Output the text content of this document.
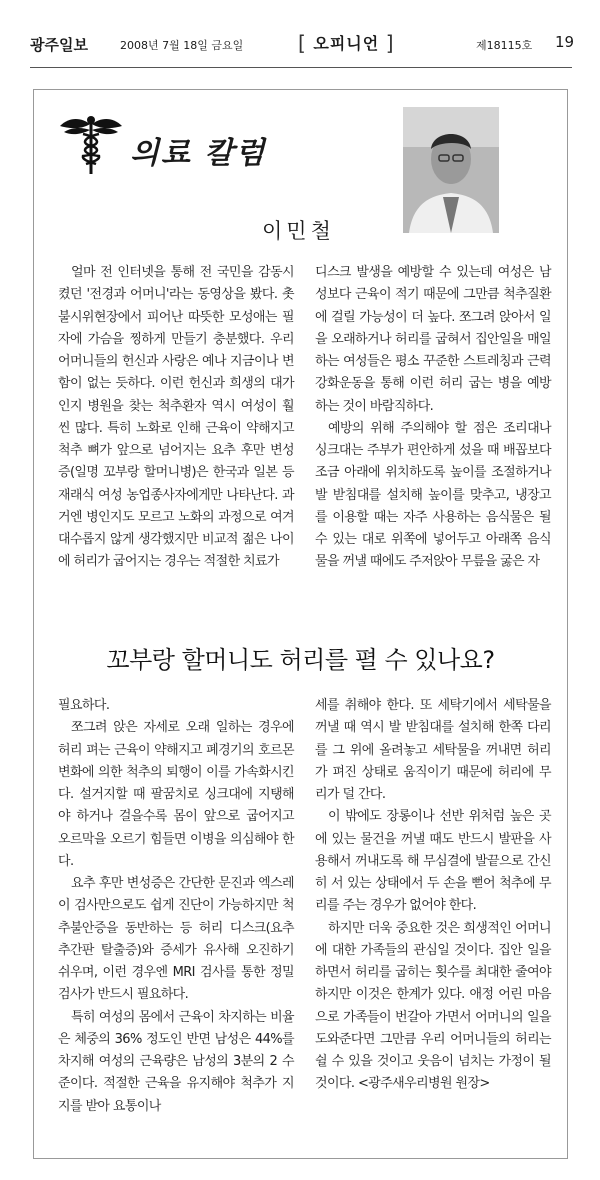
광주일보	2008년 7월 18일 금요일	[ 오피니언 ]	제18115호 19
의료 칼럼
이민철

얼마 전 인터넷을 통해 전 국민을 감동시켰던 '전경과 어머니'라는 동영상을 봤다. 촛불시위현장에서 피어난 따뜻한 모성애는 필자에 가슴을 찡하게 만들기 충분했다. 우리 어머니들의 헌신과 사랑은 예나 지금이나 변함이 없는 듯하다. 이런 헌신과 희생의 대가인지 병원을 찾는 척추환자 역시 여성이 훨씬 많다. 특히 노화로 인해 근육이 약해지고 척추 뼈가 앞으로 넘어지는 요추 후만 변성증(일명 꼬부랑 할머니병)은 한국과 일본 등 재래식 여성 농업종사자에게만 나타난다. 과거엔 병인지도 모르고 노화의 과정으로 여겨 대수롭지 않게 생각했지만 비교적 젊은 나이에 허리가 굽어지는 경우는 적절한 치료가

디스크 발생을 예방할 수 있는데 여성은 남성보다 근육이 적기 때문에 그만큼 척추질환에 걸릴 가능성이 더 높다. 쪼그려 앉아서 일을 오래하거나 허리를 굽혀서 집안일을 매일하는 여성들은 평소 꾸준한 스트레칭과 근력강화운동을 통해 이런 허리 굽는 병을 예방하는 것이 바람직하다.

예방의 위해 주의해야 할 점은 조리대나 싱크대는 주부가 편안하게 섰을 때 배꼽보다 조금 아래에 위치하도록 높이를 조절하거나 발 받침대를 설치해 높이를 맞추고, 냉장고를 이용할 때는 자주 사용하는 음식물은 될 수 있는 대로 위쪽에 넣어두고 아래쪽 음식물을 꺼낼 때에도 주저앉아 무릎을 굻은 자

꼬부랑 할머니도 허리를 펼 수 있나요?

필요하다.

쪼그려 앉은 자세로 오래 일하는 경우에 허리 펴는 근육이 약해지고 폐경기의 호르몬 변화에 의한 척추의 퇴행이 이를 가속화시킨다. 설거지할 때 팔꿈치로 싱크대에 지탱해야 하거나 걸을수록 몸이 앞으로 굽어지고 오르막을 오르기 힘들면 이병을 의심해야 한다.

요추 후만 변성증은 간단한 문진과 엑스레이 검사만으로도 쉽게 진단이 가능하지만 척추불안증을 동반하는 등 허리 디스크(요추 추간판 탈출증)와 증세가 유사해 오진하기 쉬우며, 이런 경우엔 MRI 검사를 통한 정밀 검사가 반드시 필요하다.

특히 여성의 몸에서 근육이 차지하는 비율은 체중의 36% 정도인 반면 남성은 44%를 차지해 여성의 근육량은 남성의 3분의 2 수준이다. 적절한 근육을 유지해야 척추가 지지를 받아 요통이나

세를 취해야 한다. 또 세탁기에서 세탁물을 꺼낼 때 역시 발 받침대를 설치해 한쪽 다리를 그 위에 올려놓고 세탁물을 꺼내면 허리가 펴진 상태로 움직이기 때문에 허리에 무리가 덜 간다.

이 밖에도 장롱이나 선반 위처럼 높은 곳에 있는 물건을 꺼낼 때도 반드시 발판을 사용해서 꺼내도록 해 무심결에 발끝으로 간신히 서 있는 상태에서 두 손을 뻗어 척추에 무리를 주는 경우가 없어야 한다.

하지만 더욱 중요한 것은 희생적인 어머니에 대한 가족들의 관심일 것이다. 집안 일을 하면서 허리를 굽히는 횟수를 최대한 줄여야 하지만 이것은 한계가 있다. 애정 어린 마음으로 가족들이 번갈아 가면서 어머니의 일을 도와준다면 그만큼 우리 어머니들의 허리는 쉴 수 있을 것이고 웃음이 넘치는 가정이 될 것이다. <광주새우리병원 원장>
